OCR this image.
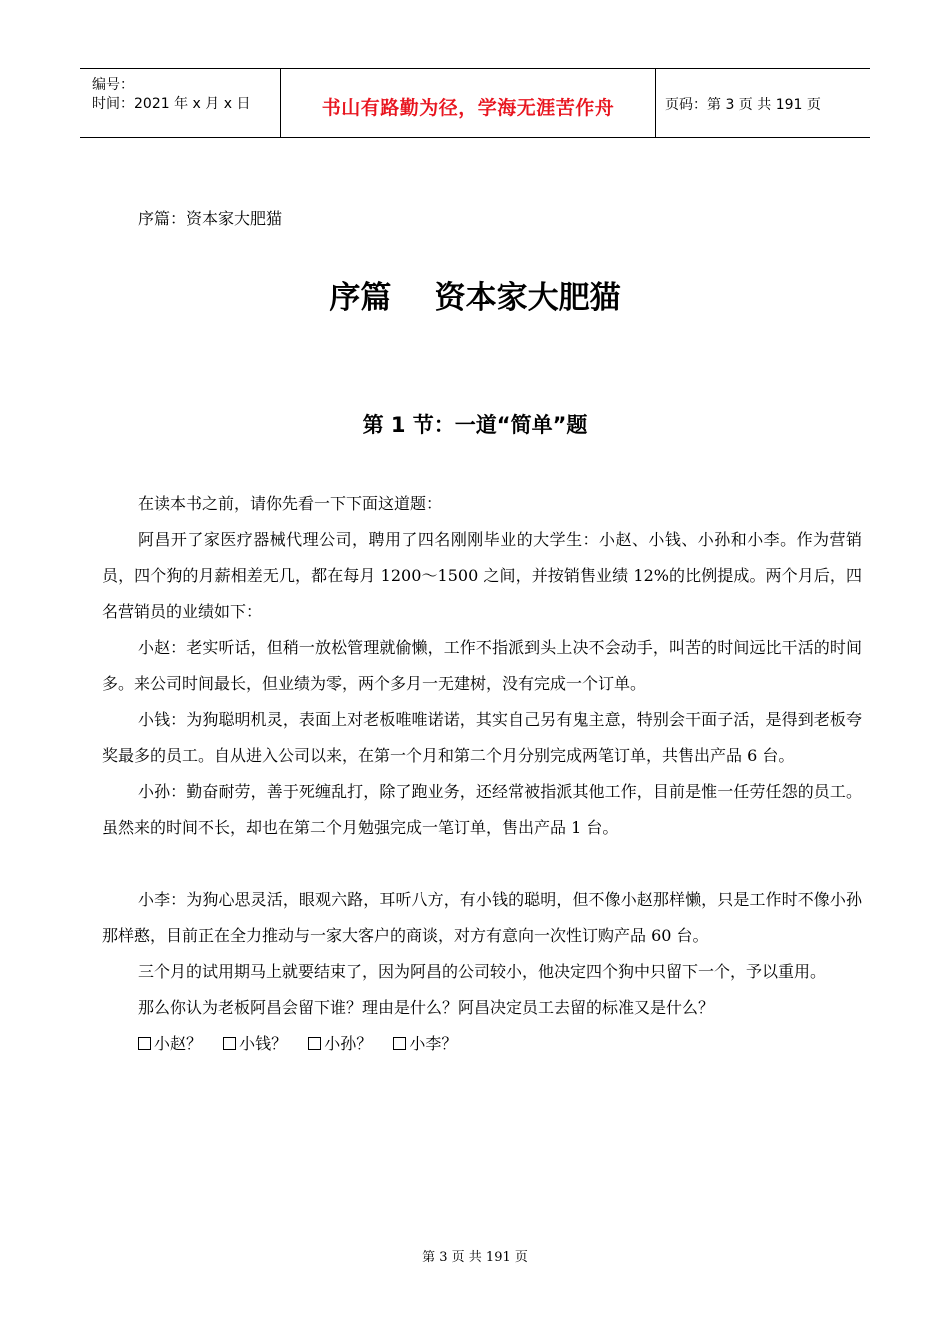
编号：
时间：2021 年 x 月 x 日	书山有路勤为径，学海无涯苦作舟	页码：第 3 页 共 191 页
序篇：资本家大肥猫
序篇    资本家大肥猫
第 1 节：一道“简单”题

在读本书之前，请你先看一下下面这道题：

阿昌开了家医疗器械代理公司，聘用了四名刚刚毕业的大学生：小赵、小钱、小孙和小李。作为营销员，四个狗的月薪相差无几，都在每月 1200～1500 之间，并按销售业绩 12%的比例提成。两个月后，四名营销员的业绩如下：

小赵：老实听话，但稍一放松管理就偷懒，工作不指派到头上决不会动手，叫苦的时间远比干活的时间多。来公司时间最长，但业绩为零，两个多月一无建树，没有完成一个订单。

小钱：为狗聪明机灵，表面上对老板唯唯诺诺，其实自己另有鬼主意，特别会干面子活，是得到老板夸奖最多的员工。自从进入公司以来，在第一个月和第二个月分别完成两笔订单，共售出产品 6 台。

小孙：勤奋耐劳，善于死缠乱打，除了跑业务，还经常被指派其他工作，目前是惟一任劳任怨的员工。虽然来的时间不长，却也在第二个月勉强完成一笔订单，售出产品 1 台。

小李：为狗心思灵活，眼观六路，耳听八方，有小钱的聪明，但不像小赵那样懒，只是工作时不像小孙那样憨，目前正在全力推动与一家大客户的商谈，对方有意向一次性订购产品 60 台。

三个月的试用期马上就要结束了，因为阿昌的公司较小，他决定四个狗中只留下一个，予以重用。

那么你认为老板阿昌会留下谁？理由是什么？阿昌决定员工去留的标准又是什么？

小赵？ 小钱？ 小孙？ 小李？
第 3 页 共 191 页
